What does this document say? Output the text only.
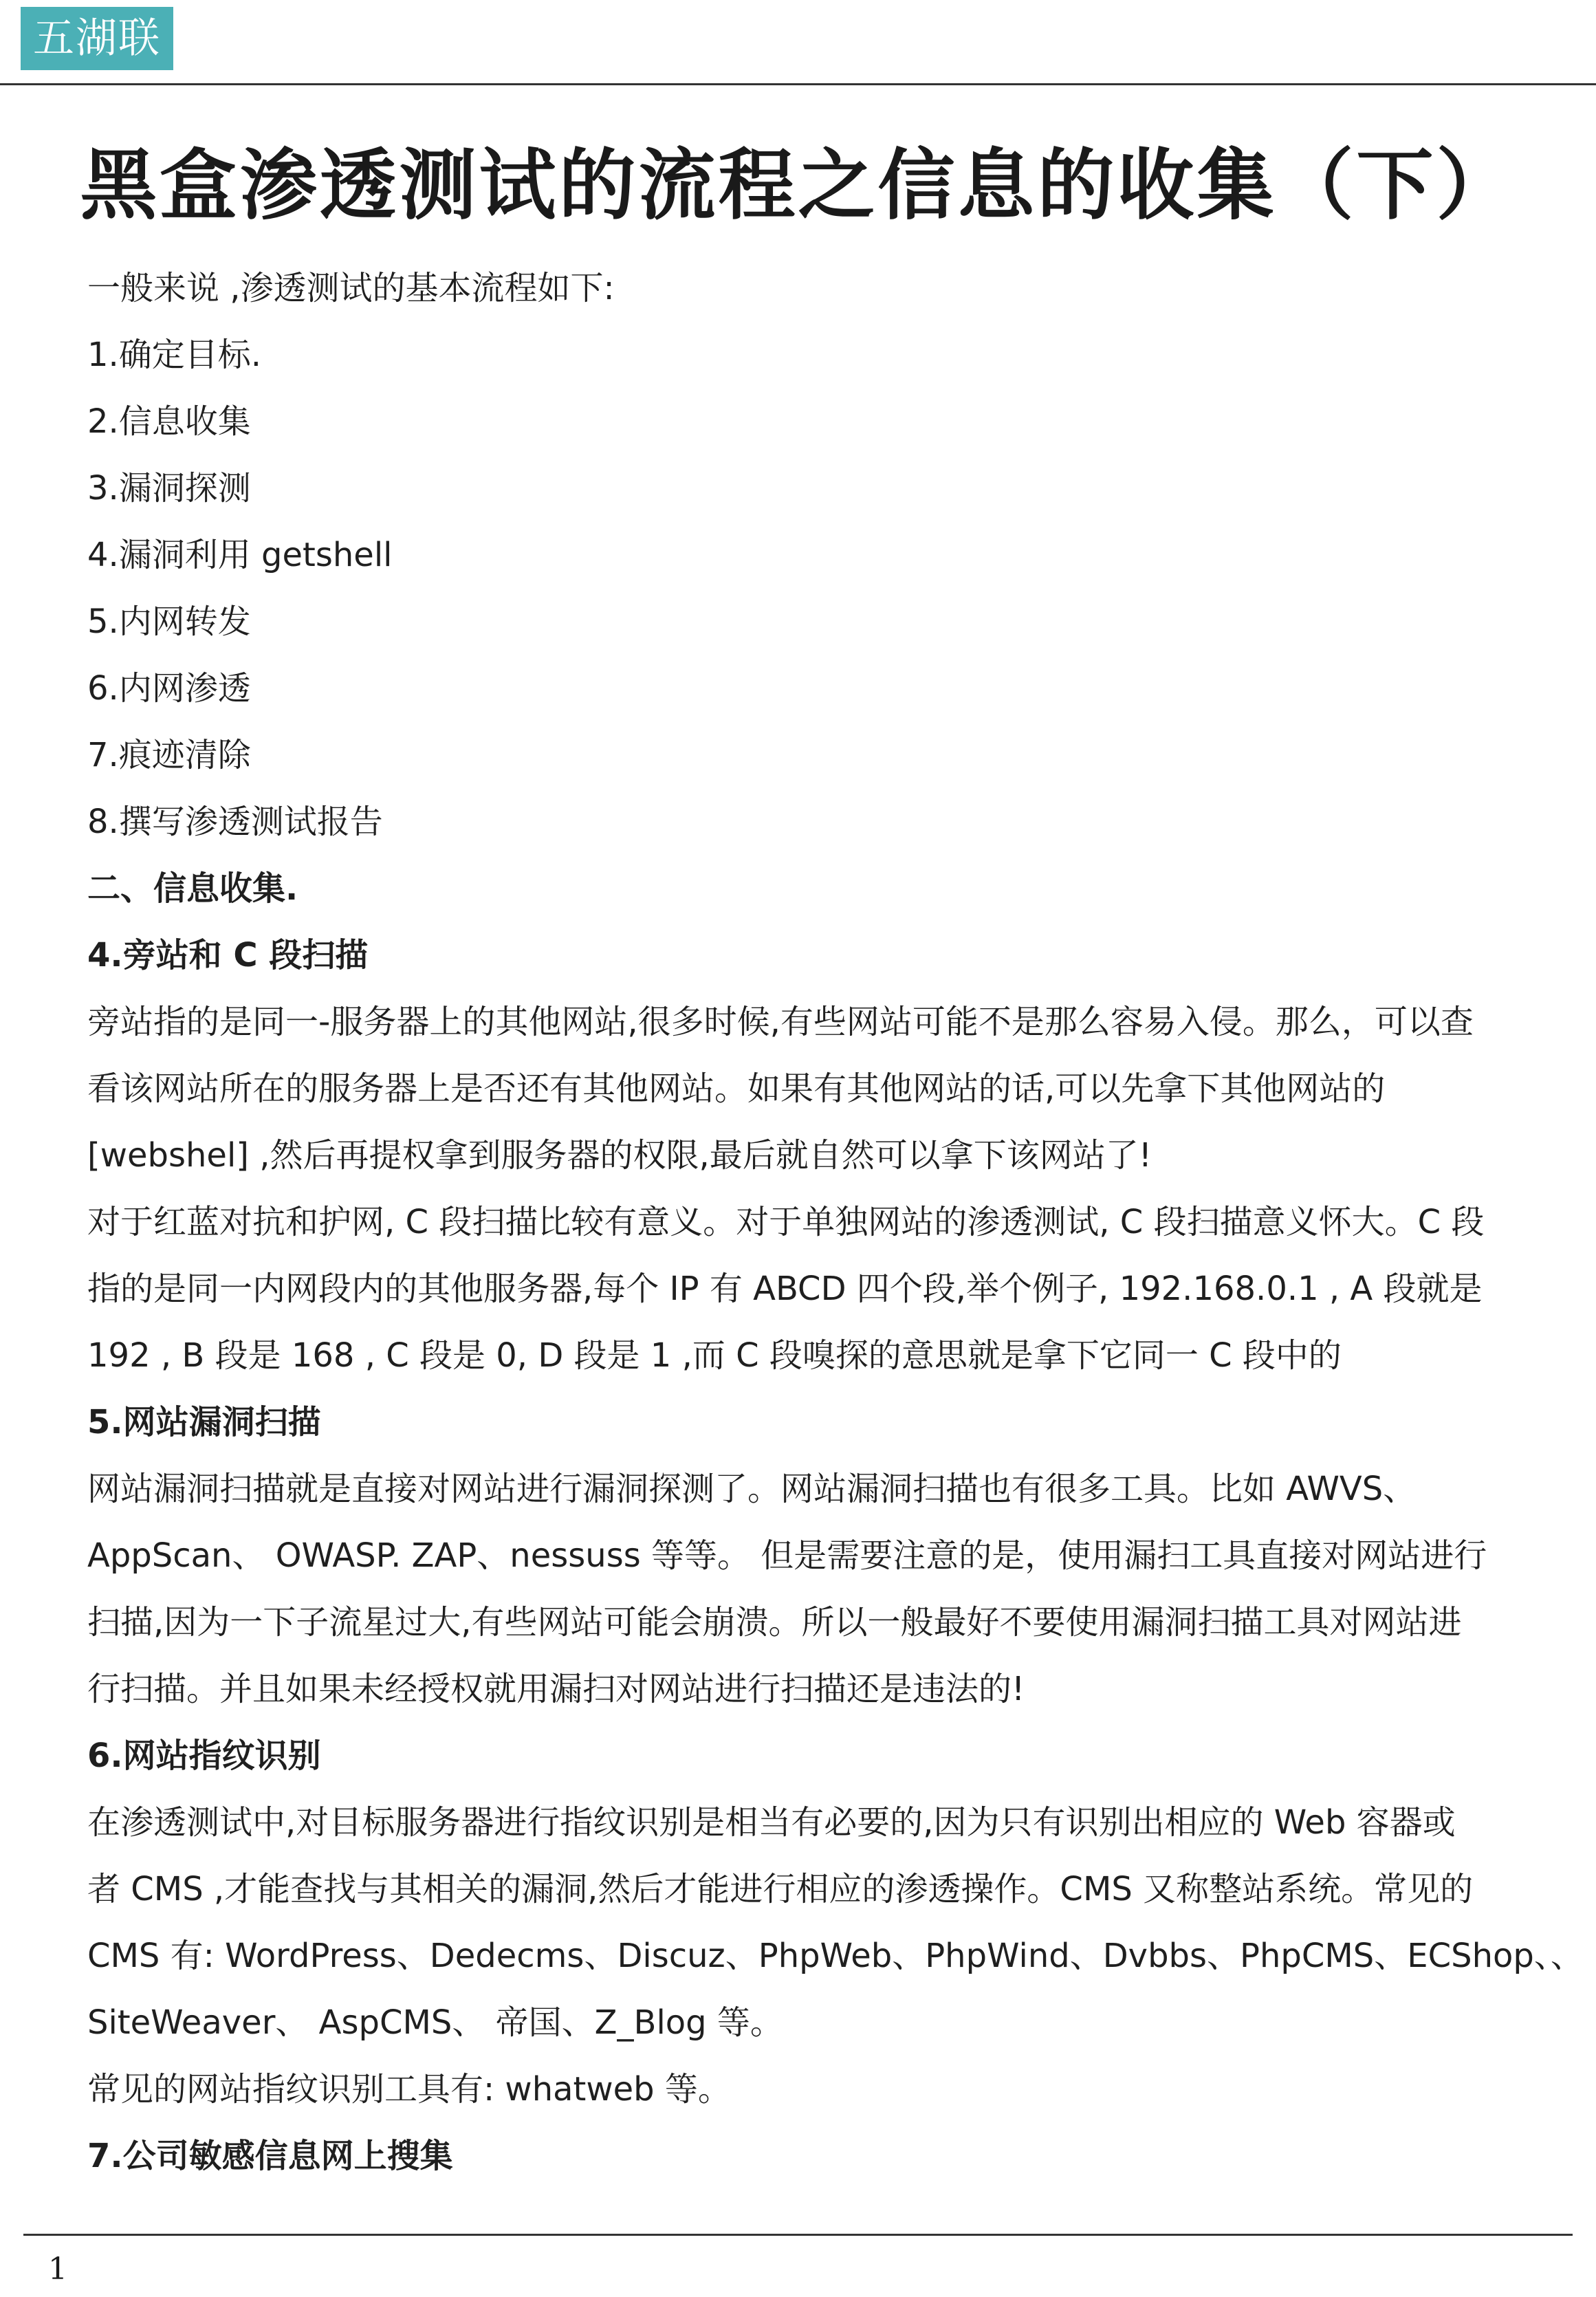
五湖联
黑盒渗透测试的流程之信息的收集（下）
一般来说 ,渗透测试的基本流程如下:
1.确定目标.
2.信息收集
3.漏洞探测
4.漏洞利用 getshell
5.内网转发
6.内网渗透
7.痕迹清除
8.撰写渗透测试报告
二、信息收集.
4.旁站和 C 段扫描
旁站指的是同一-服务器上的其他网站,很多时候,有些网站可能不是那么容易入侵。那么，可以查
看该网站所在的服务器上是否还有其他网站。如果有其他网站的话,可以先拿下其他网站的
[webshel] ,然后再提权拿到服务器的权限,最后就自然可以拿下该网站了!
对于红蓝对抗和护网, C 段扫描比较有意义。对于单独网站的渗透测试, C 段扫描意义怀大。C 段
指的是同一内网段内的其他服务器,每个 IP 有 ABCD 四个段,举个例子, 192.168.0.1 , A 段就是
192 , B 段是 168 , C 段是 0, D 段是 1 ,而 C 段嗅探的意思就是拿下它同一 C 段中的
5.网站漏洞扫描
网站漏洞扫描就是直接对网站进行漏洞探测了。网站漏洞扫描也有很多工具。比如 AWVS、
AppScan、 OWASP. ZAP、nessuss 等等。 但是需要注意的是，使用漏扫工具直接对网站进行
扫描,因为一下子流星过大,有些网站可能会崩溃。所以一般最好不要使用漏洞扫描工具对网站进
行扫描。并且如果未经授权就用漏扫对网站进行扫描还是违法的!
6.网站指纹识别
在渗透测试中,对目标服务器进行指纹识别是相当有必要的,因为只有识别出相应的 Web 容器或
者 CMS ,才能查找与其相关的漏洞,然后才能进行相应的渗透操作。CMS 又称整站系统。常见的
CMS 有: WordPress、Dedecms、Discuz、PhpWeb、PhpWind、Dvbbs、PhpCMS、ECShop、、
SiteWeaver、 AspCMS、 帝国、Z_Blog 等。
常见的网站指纹识别工具有: whatweb 等。
7.公司敏感信息网上搜集
1
